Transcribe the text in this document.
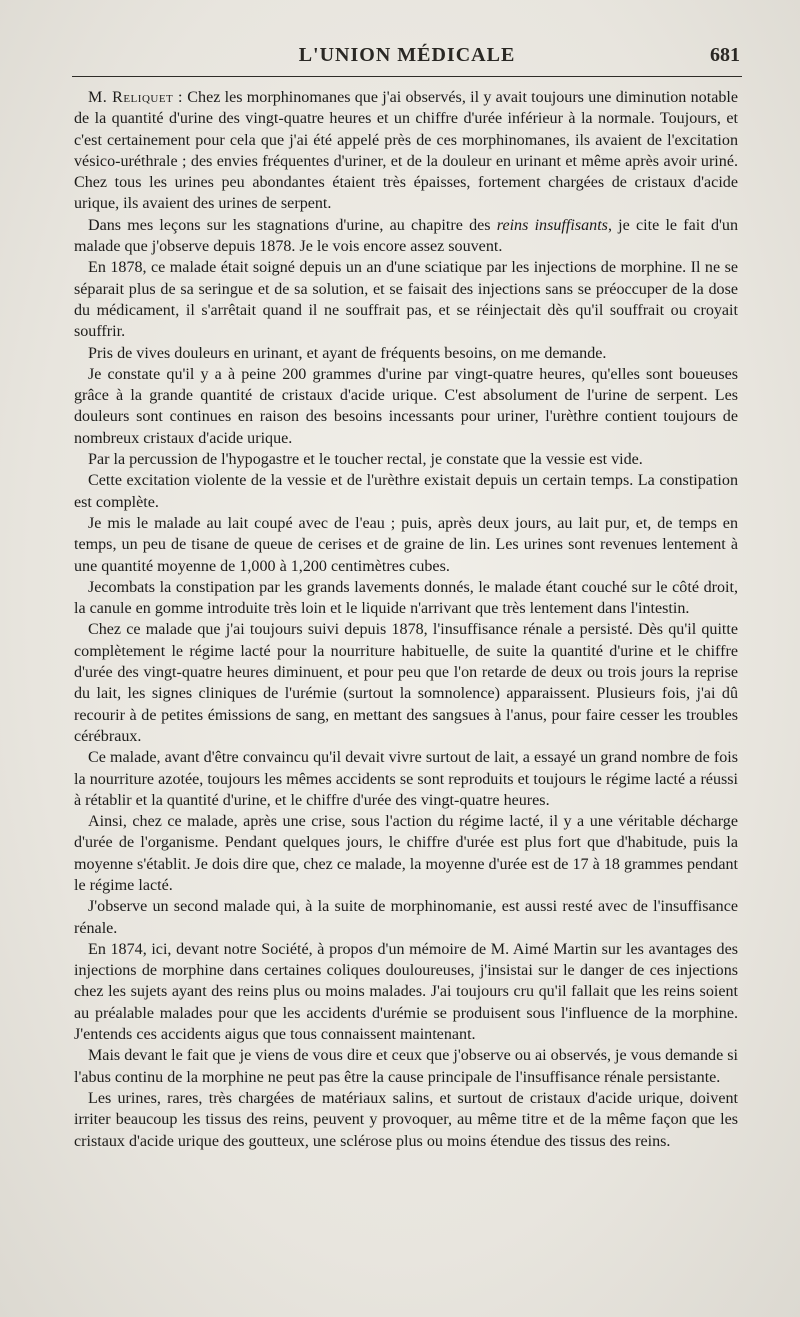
L'UNION MÉDICALE	681

M. Reliquet : Chez les morphinomanes que j'ai observés, il y avait toujours une diminution notable de la quantité d'urine des vingt-quatre heures et un chiffre d'urée inférieur à la normale. Toujours, et c'est certainement pour cela que j'ai été appelé près de ces morphinomanes, ils avaient de l'excitation vésico-uréthrale ; des envies fréquentes d'uriner, et de la douleur en urinant et même après avoir uriné. Chez tous les urines peu abondantes étaient très épaisses, fortement chargées de cristaux d'acide urique, ils avaient des urines de serpent.

Dans mes leçons sur les stagnations d'urine, au chapitre des reins insuffisants, je cite le fait d'un malade que j'observe depuis 1878. Je le vois encore assez souvent.

En 1878, ce malade était soigné depuis un an d'une sciatique par les injections de morphine. Il ne se séparait plus de sa seringue et de sa solution, et se faisait des injections sans se préoccuper de la dose du médicament, il s'arrêtait quand il ne souffrait pas, et se réinjectait dès qu'il souffrait ou croyait souffrir.

Pris de vives douleurs en urinant, et ayant de fréquents besoins, on me demande.

Je constate qu'il y a à peine 200 grammes d'urine par vingt-quatre heures, qu'elles sont boueuses grâce à la grande quantité de cristaux d'acide urique. C'est absolument de l'urine de serpent. Les douleurs sont continues en raison des besoins incessants pour uriner, l'urèthre contient toujours de nombreux cristaux d'acide urique.

Par la percussion de l'hypogastre et le toucher rectal, je constate que la vessie est vide.

Cette excitation violente de la vessie et de l'urèthre existait depuis un certain temps. La constipation est complète.

Je mis le malade au lait coupé avec de l'eau ; puis, après deux jours, au lait pur, et, de temps en temps, un peu de tisane de queue de cerises et de graine de lin. Les urines sont revenues lentement à une quantité moyenne de 1,000 à 1,200 centimètres cubes.

Jecombats la constipation par les grands lavements donnés, le malade étant couché sur le côté droit, la canule en gomme introduite très loin et le liquide n'arrivant que très lentement dans l'intestin.

Chez ce malade que j'ai toujours suivi depuis 1878, l'insuffisance rénale a persisté. Dès qu'il quitte complètement le régime lacté pour la nourriture habituelle, de suite la quantité d'urine et le chiffre d'urée des vingt-quatre heures diminuent, et pour peu que l'on retarde de deux ou trois jours la reprise du lait, les signes cliniques de l'urémie (surtout la somnolence) apparaissent. Plusieurs fois, j'ai dû recourir à de petites émissions de sang, en mettant des sangsues à l'anus, pour faire cesser les troubles cérébraux.

Ce malade, avant d'être convaincu qu'il devait vivre surtout de lait, a essayé un grand nombre de fois la nourriture azotée, toujours les mêmes accidents se sont reproduits et toujours le régime lacté a réussi à rétablir et la quantité d'urine, et le chiffre d'urée des vingt-quatre heures.

Ainsi, chez ce malade, après une crise, sous l'action du régime lacté, il y a une véritable décharge d'urée de l'organisme. Pendant quelques jours, le chiffre d'urée est plus fort que d'habitude, puis la moyenne s'établit. Je dois dire que, chez ce malade, la moyenne d'urée est de 17 à 18 grammes pendant le régime lacté.

J'observe un second malade qui, à la suite de morphinomanie, est aussi resté avec de l'insuffisance rénale.

En 1874, ici, devant notre Société, à propos d'un mémoire de M. Aimé Martin sur les avantages des injections de morphine dans certaines coliques douloureuses, j'insistai sur le danger de ces injections chez les sujets ayant des reins plus ou moins malades. J'ai toujours cru qu'il fallait que les reins soient au préalable malades pour que les accidents d'urémie se produisent sous l'influence de la morphine. J'entends ces accidents aigus que tous connaissent maintenant.

Mais devant le fait que je viens de vous dire et ceux que j'observe ou ai observés, je vous demande si l'abus continu de la morphine ne peut pas être la cause principale de l'insuffisance rénale persistante.

Les urines, rares, très chargées de matériaux salins, et surtout de cristaux d'acide urique, doivent irriter beaucoup les tissus des reins, peuvent y provoquer, au même titre et de la même façon que les cristaux d'acide urique des goutteux, une sclérose plus ou moins étendue des tissus des reins.
